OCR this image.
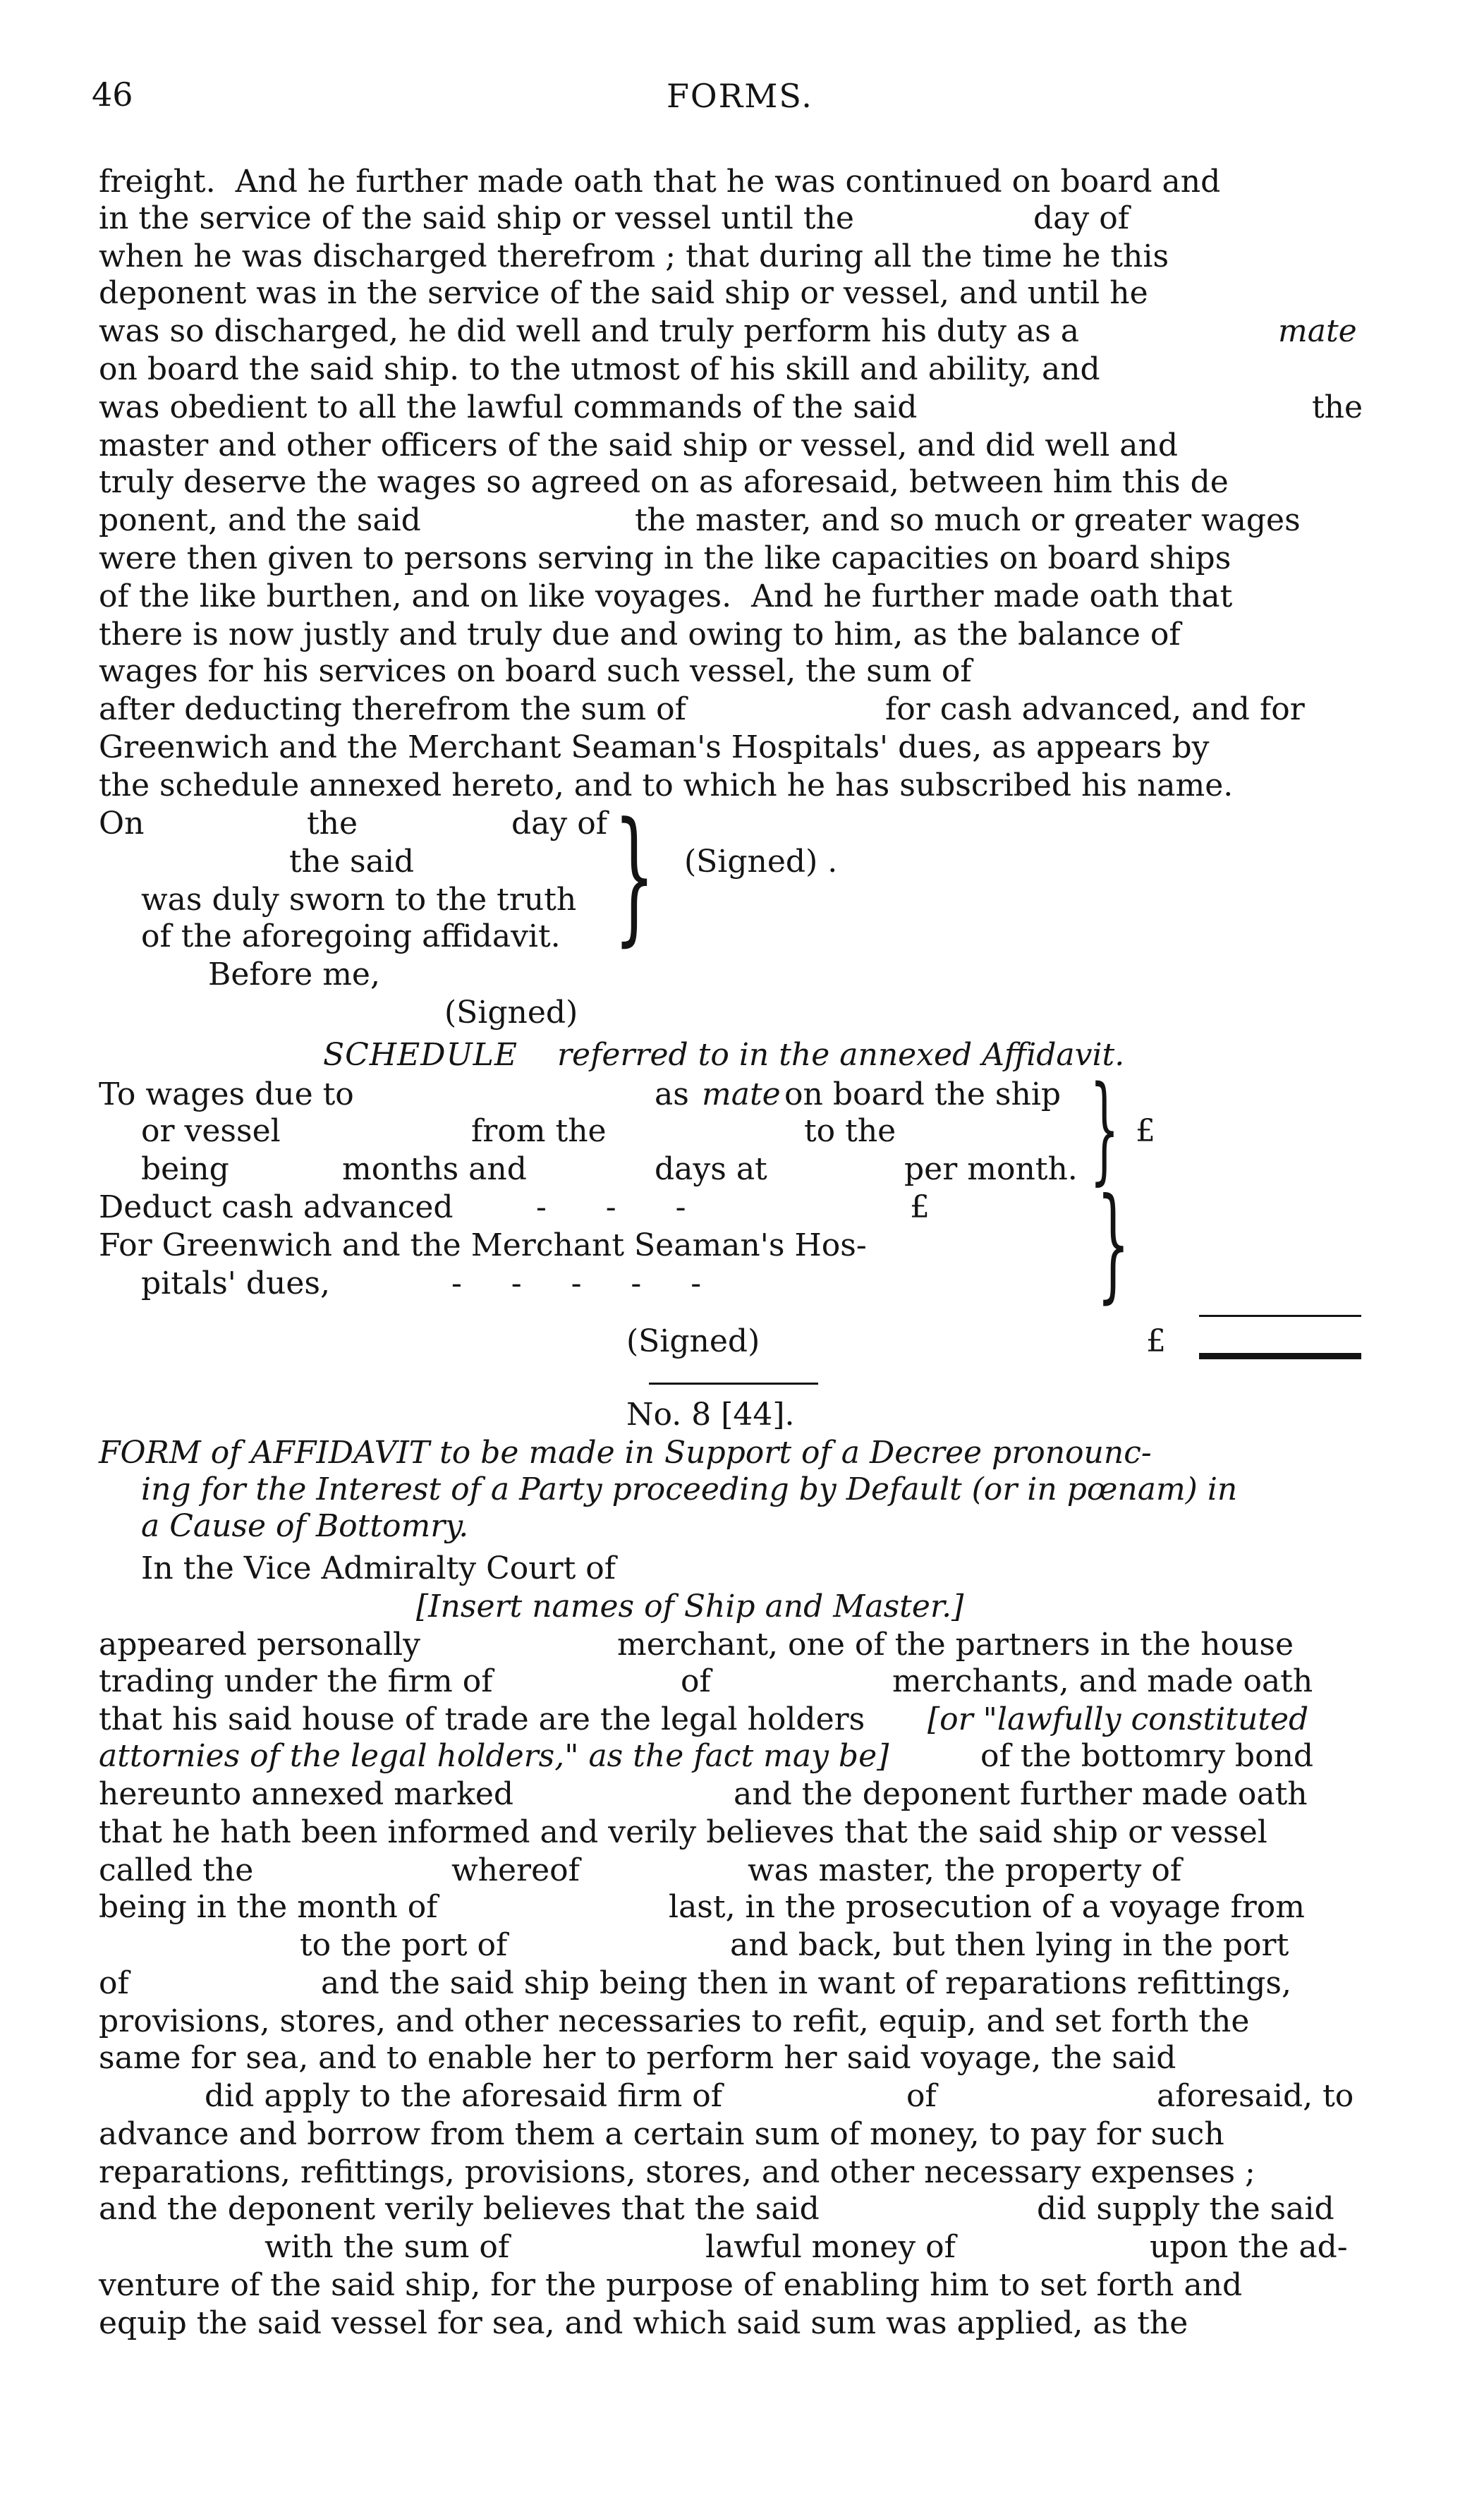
46	FORMS.
freight.  And he further made oath that he was continued on board and
in the service of the said ship or vessel until the	day of
when he was discharged therefrom ; that during all the time he this
deponent was in the service of the said ship or vessel, and until he
was so discharged, he did well and truly perform his duty as a	mate
on board the said ship. to the utmost of his skill and ability, and
was obedient to all the lawful commands of the said	the
master and other officers of the said ship or vessel, and did well and
truly deserve the wages so agreed on as aforesaid, between him this de
ponent, and the said	the master, and so much or greater wages
were then given to persons serving in the like capacities on board ships
of the like burthen, and on like voyages.  And he further made oath that
there is now justly and truly due and owing to him, as the balance of
wages for his services on board such vessel, the sum of
after deducting therefrom the sum of	for cash advanced, and for
Greenwich and the Merchant Seaman's Hospitals' dues, as appears by
the schedule annexed hereto, and to which he has subscribed his name.
On	the	day of
the said
was duly sworn to the truth
of the aforegoing affidavit. } (Signed) .
Before me,
(Signed)
SCHEDULE referred to in the annexed Affidavit.
To wages due to	as mate on board the ship
or vessel	from the	to the	£
being	months and	days at	per month. }
Deduct cash advanced	-      -      -	£
For Greenwich and the Merchant Seaman's Hos-
pitals' dues,	-     -     -     -     -	}
(Signed)	£
No. 8 [44].
FORM of AFFIDAVIT to be made in Support of a Decree pronounc-
ing for the Interest of a Party proceeding by Default (or in pœnam) in
a Cause of Bottomry.
In the Vice Admiralty Court of
[Insert names of Ship and Master.]
appeared personally	merchant, one of the partners in the house
trading under the firm of	of	merchants, and made oath
that his said house of trade are the legal holders [or "lawfully constituted
attornies of the legal holders," as the fact may be]	of the bottomry bond
hereunto annexed marked	and the deponent further made oath
that he hath been informed and verily believes that the said ship or vessel
called the	whereof	was master, the property of
being in the month of	last, in the prosecution of a voyage from
to the port of	and back, but then lying in the port
of	and the said ship being then in want of reparations refittings,
provisions, stores, and other necessaries to refit, equip, and set forth the
same for sea, and to enable her to perform her said voyage, the said
did apply to the aforesaid firm of	of	aforesaid, to
advance and borrow from them a certain sum of money, to pay for such
reparations, refittings, provisions, stores, and other necessary expenses ;
and the deponent verily believes that the said	did supply the said
with the sum of	lawful money of	upon the ad-
venture of the said ship, for the purpose of enabling him to set forth and
equip the said vessel for sea, and which said sum was applied, as the
